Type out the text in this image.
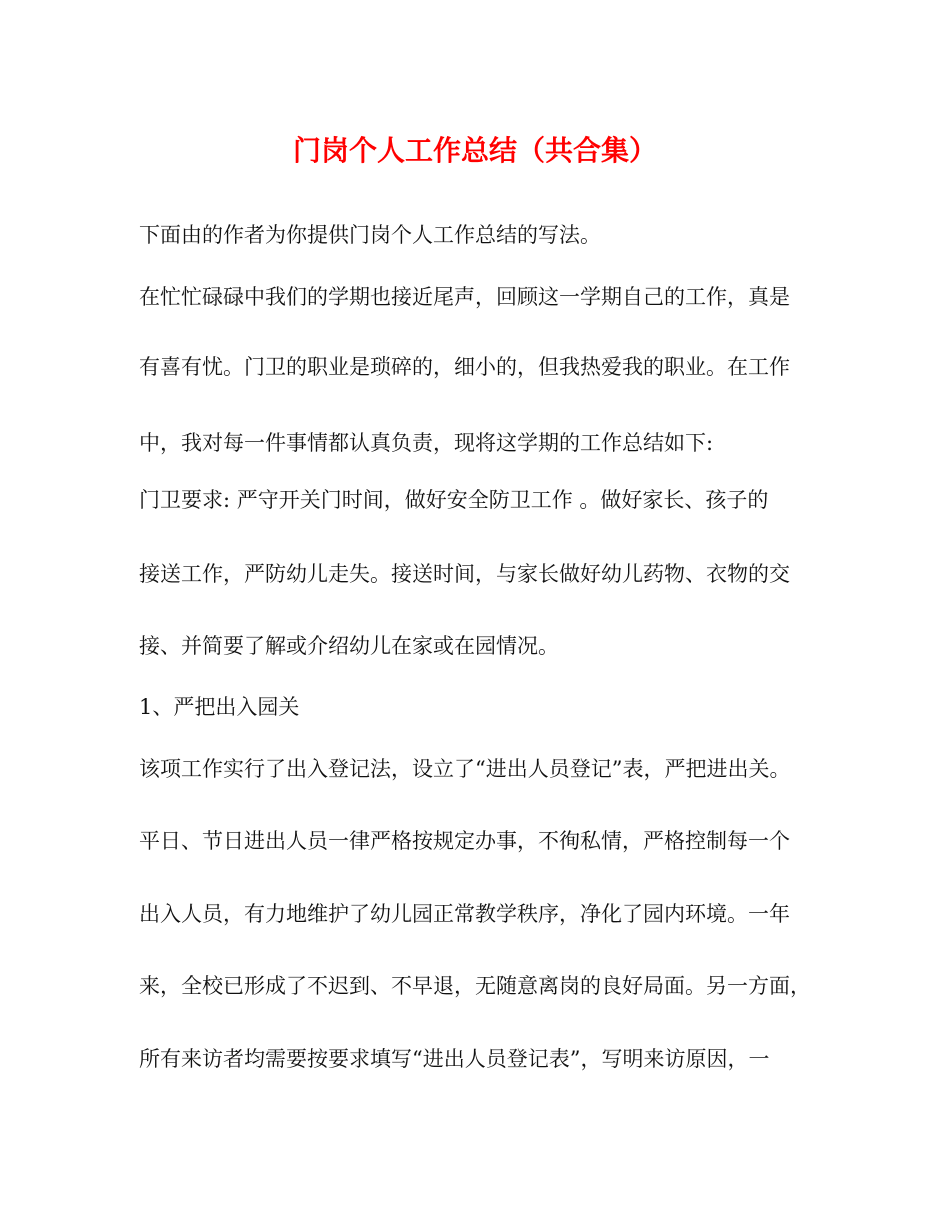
门岗个人工作总结（共合集）
下面由的作者为你提供门岗个人工作总结的写法。
在忙忙碌碌中我们的学期也接近尾声，回顾这一学期自己的工作，真是
有喜有忧。门卫的职业是琐碎的，细小的，但我热爱我的职业。在工作
中，我对每一件事情都认真负责，现将这学期的工作总结如下:
门卫要求: 严守开关门时间，做好安全防卫工作 。做好家长、孩子的
接送工作，严防幼儿走失。接送时间，与家长做好幼儿药物、衣物的交
接、并简要了解或介绍幼儿在家或在园情况。
1、严把出入园关
该项工作实行了出入登记法，设立了“进出人员登记”表，严把进出关。
平日、节日进出人员一律严格按规定办事，不徇私情，严格控制每一个
出入人员，有力地维护了幼儿园正常教学秩序，净化了园内环境。一年
来，全校已形成了不迟到、不早退，无随意离岗的良好局面。另一方面，
所有来访者均需要按要求填写“进出人员登记表”，写明来访原因，一
